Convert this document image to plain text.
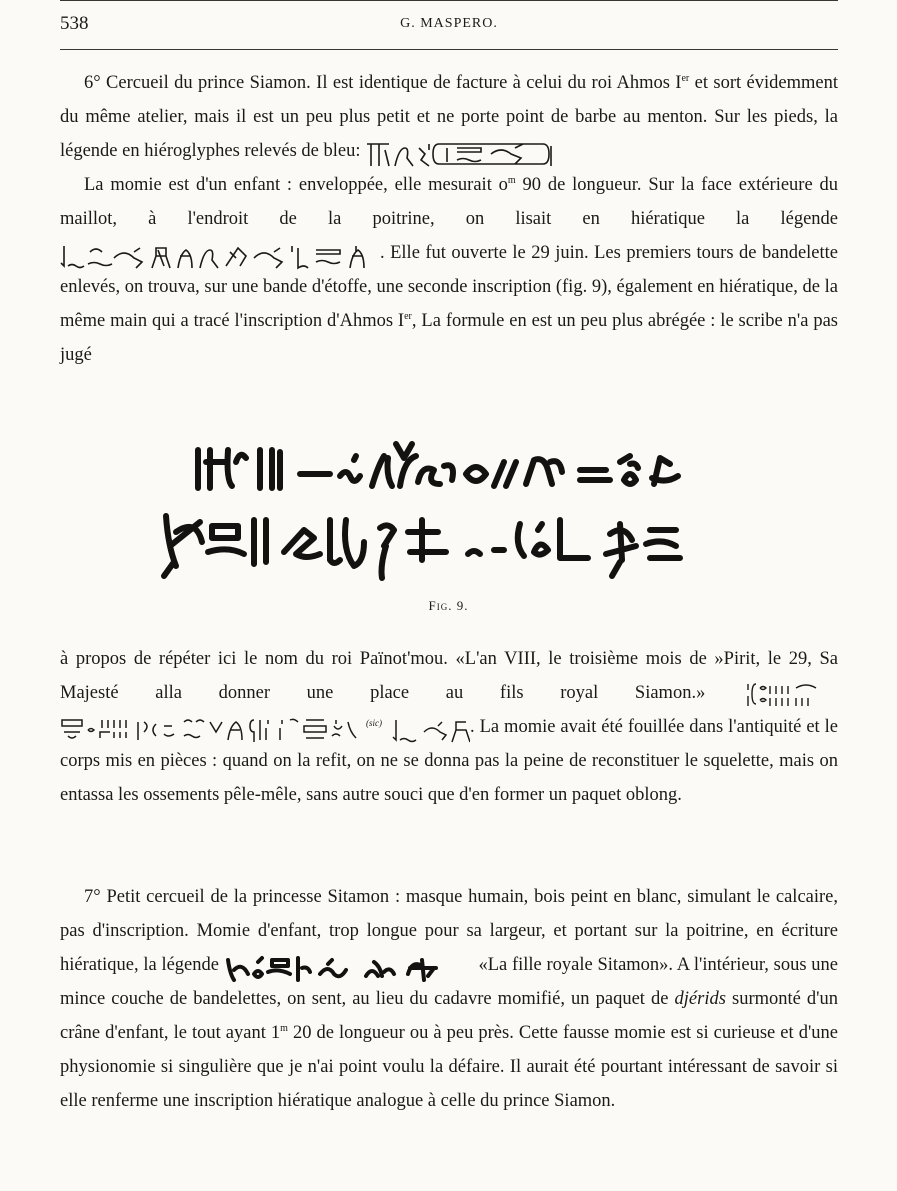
538	G. MASPERO.

6° Cercueil du prince Siamon. Il est identique de facture à celui du roi Ahmos Ier et sort évidemment du même atelier, mais il est un peu plus petit et ne porte point de barbe au menton. Sur les pieds, la légende en hiéroglyphes relevés de bleu:

La momie est d'un enfant : enveloppée, elle mesurait $o^m$ 90 de longueur. Sur la face extérieure du maillot, à l'endroit de la poitrine, on lisait en hiératique la légende
. Elle fut ouverte le 29 juin. Les premiers tours de bandelette enlevés, on trouva, sur une bande d'étoffe, une seconde inscription (fig. 9), également en hiératique, de la même main qui a tracé l'inscription d'Ahmos Ier, La formule en est un peu plus abrégée : le scribe n'a pas jugé

Fig. 9.

à propos de répéter ici le nom du roi Païnot'mou. «L'an VIII, le troisième mois de »Pirit, le 29, Sa Majesté alla donner une place au fils royal Siamon.»
(sic)	. La momie avait été fouillée dans l'antiquité et le corps mis en pièces : quand on la refit, on ne se donna pas la peine de reconstituer le squelette, mais on entassa les ossements pêle-mêle, sans autre souci que d'en former un paquet oblong.

7° Petit cercueil de la princesse Sitamon : masque humain, bois peint en blanc, simulant le calcaire, pas d'inscription. Momie d'enfant, trop longue pour sa largeur, et portant sur la poitrine, en écriture hiératique, la légende	«La fille royale Sitamon». A l'intérieur, sous une mince couche de bandelettes, on sent, au lieu du cadavre momifié, un paquet de djérids surmonté d'un crâne d'enfant, le tout ayant 1$^m$ 20 de longueur ou à peu près. Cette fausse momie est si curieuse et d'une physionomie si singulière que je n'ai point voulu la défaire. Il aurait été pourtant intéressant de savoir si elle renferme une inscription hiératique analogue à celle du prince Siamon.
